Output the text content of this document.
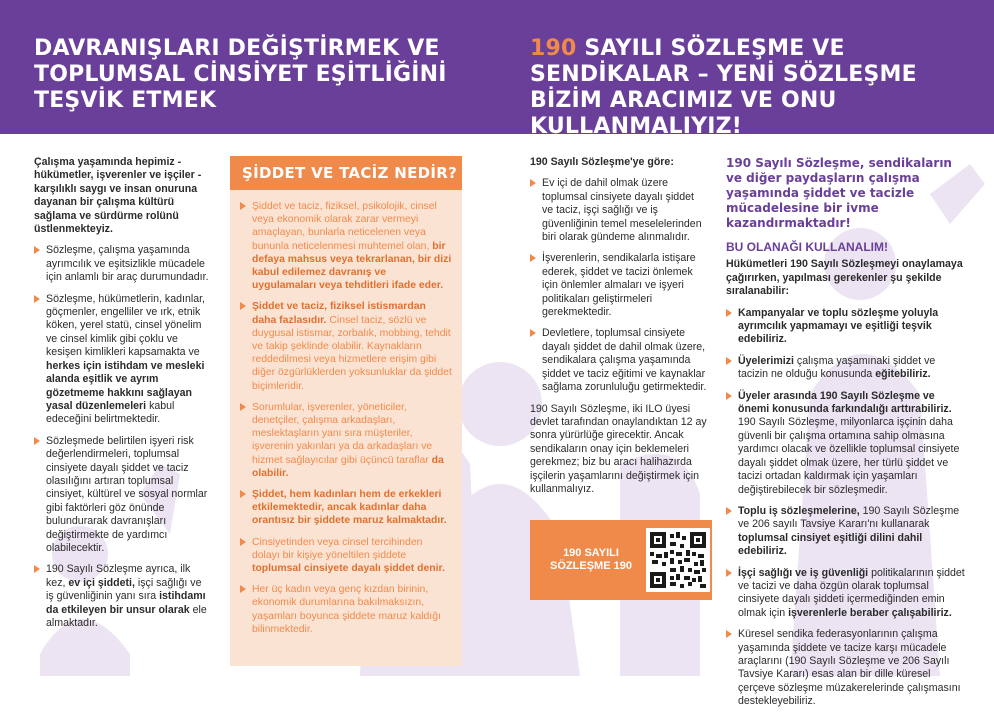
DAVRANIŞLARI DEĞİŞTİRMEK VE TOPLUMSAL CİNSİYET EŞİTLİĞİNİ TEŞVİK ETMEK
190 SAYILI SÖZLEŞME VE SENDİKALAR – YENİ SÖZLEŞME BİZİM ARACIMIZ VE ONU KULLANMALIYIZ!

Çalışma yaşamında hepimiz - hükümetler, işverenler ve işçiler - karşılıklı saygı ve insan onuruna dayanan bir çalışma kültürü sağlama ve sürdürme rolünü üstlenmekteyiz.

Sözleşme, çalışma yaşamında ayrımcılık ve eşitsizlikle mücadele için anlamlı bir araç durumundadır.
Sözleşme, hükümetlerin, kadınlar, göçmenler, engelliler ve ırk, etnik köken, yerel statü, cinsel yönelim ve cinsel kimlik gibi çoklu ve kesişen kimlikleri kapsamakta ve herkes için istihdam ve mesleki alanda eşitlik ve ayrım gözetmeme hakkını sağlayan yasal düzenlemeleri kabul edeceğini belirtmektedir.
Sözleşmede belirtilen işyeri risk değerlendirmeleri, toplumsal cinsiyete dayalı şiddet ve taciz olasılığını artıran toplumsal cinsiyet, kültürel ve sosyal normlar gibi faktörleri göz önünde bulundurarak davranışları değiştirmekte de yardımcı olabilecektir.
190 Sayılı Sözleşme ayrıca, ilk kez, ev içi şiddeti, işçi sağlığı ve iş güvenliğinin yanı sıra istihdamı da etkileyen bir unsur olarak ele almaktadır.
ŞİDDET VE TACİZ NEDİR?
Şiddet ve taciz, fiziksel, psikolojik, cinsel veya ekonomik olarak zarar vermeyi amaçlayan, bunlarla neticelenen veya bununla neticelenmesi muhtemel olan, bir defaya mahsus veya tekrarlanan, bir dizi kabul edilemez davranış ve uygulamaları veya tehditleri ifade eder.
Şiddet ve taciz, fiziksel istismardan daha fazlasıdır. Cinsel taciz, sözlü ve duygusal istismar, zorbalık, mobbing, tehdit ve takip şeklinde olabilir. Kaynakların reddedilmesi veya hizmetlere erişim gibi diğer özgürlüklerden yoksunluklar da şiddet biçimleridir.
Sorumlular, işverenler, yöneticiler, denetçiler, çalışma arkadaşları, meslektaşların yanı sıra müşteriler, işverenin yakınları ya da arkadaşları ve hizmet sağlayıcılar gibi üçüncü taraflar da olabilir.
Şiddet, hem kadınları hem de erkekleri etkilemektedir, ancak kadınlar daha orantısız bir şiddete maruz kalmaktadır.
Cinsiyetinden veya cinsel tercihinden dolayı bir kişiye yöneltilen şiddete toplumsal cinsiyete dayalı şiddet denir.
Her üç kadın veya genç kızdan birinin, ekonomik durumlarına bakılmaksızın, yaşamları boyunca şiddete maruz kaldığı bilinmektedir.

190 Sayılı Sözleşme'ye göre:

Ev içi de dahil olmak üzere toplumsal cinsiyete dayalı şiddet ve taciz, işçi sağlığı ve iş güvenliğinin temel meselelerinden biri olarak gündeme alınmalıdır.
İşverenlerin, sendikalarla istişare ederek, şiddet ve tacizi önlemek için önlemler almaları ve işyeri politikaları geliştirmeleri gerekmektedir.
Devletlere, toplumsal cinsiyete dayalı şiddet de dahil olmak üzere, sendikalara çalışma yaşamında şiddet ve taciz eğitimi ve kaynaklar sağlama zorunluluğu getirmektedir.

190 Sayılı Sözleşme, iki ILO üyesi devlet tarafından onaylandıktan 12 ay sonra yürürlüğe girecektir. Ancak sendikaların onay için beklemeleri gerekmez; biz bu aracı halihazırda işçilerin yaşamlarını değiştirmek için kullanmalıyız.

190 SAYILI SÖZLEŞME 190

190 Sayılı Sözleşme, sendikaların ve diğer paydaşların çalışma yaşamında şiddet ve tacizle mücadelesine bir ivme kazandırmaktadır!

BU OLANAĞI KULLANALIM!

Hükümetleri 190 Sayılı Sözleşmeyi onaylamaya çağırırken, yapılması gerekenler şu şekilde sıralanabilir:

Kampanyalar ve toplu sözleşme yoluyla ayrımcılık yapmamayı ve eşitliği teşvik edebiliriz.
Üyelerimizi çalışma yaşamınaki şiddet ve tacizin ne olduğu konusunda eğitebiliriz.
Üyeler arasında 190 Sayılı Sözleşme ve önemi konusunda farkındalığı arttırabiliriz. 190 Sayılı Sözleşme, milyonlarca işçinin daha güvenli bir çalışma ortamına sahip olmasına yardımcı olacak ve özellikle toplumsal cinsiyete dayalı şiddet olmak üzere, her türlü şiddet ve tacizi ortadan kaldırmak için yaşamları değiştirebilecek bir sözleşmedir.
Toplu iş sözleşmelerine, 190 Sayılı Sözleşme ve 206 sayılı Tavsiye Kararı'nı kullanarak toplumsal cinsiyet eşitliği dilini dahil edebiliriz.
İşçi sağlığı ve iş güvenliği politikalarının şiddet ve tacizi ve daha özgün olarak toplumsal cinsiyete dayalı şiddeti içermediğinden emin olmak için işverenlerle beraber çalışabiliriz.
Küresel sendika federasyonlarının çalışma yaşamında şiddete ve tacize karşı mücadele araçlarını (190 Sayılı Sözleşme ve 206 Sayılı Tavsiye Kararı) esas alan bir dille küresel çerçeve sözleşme müzakerelerinde çalışmasını destekleyebiliriz.
